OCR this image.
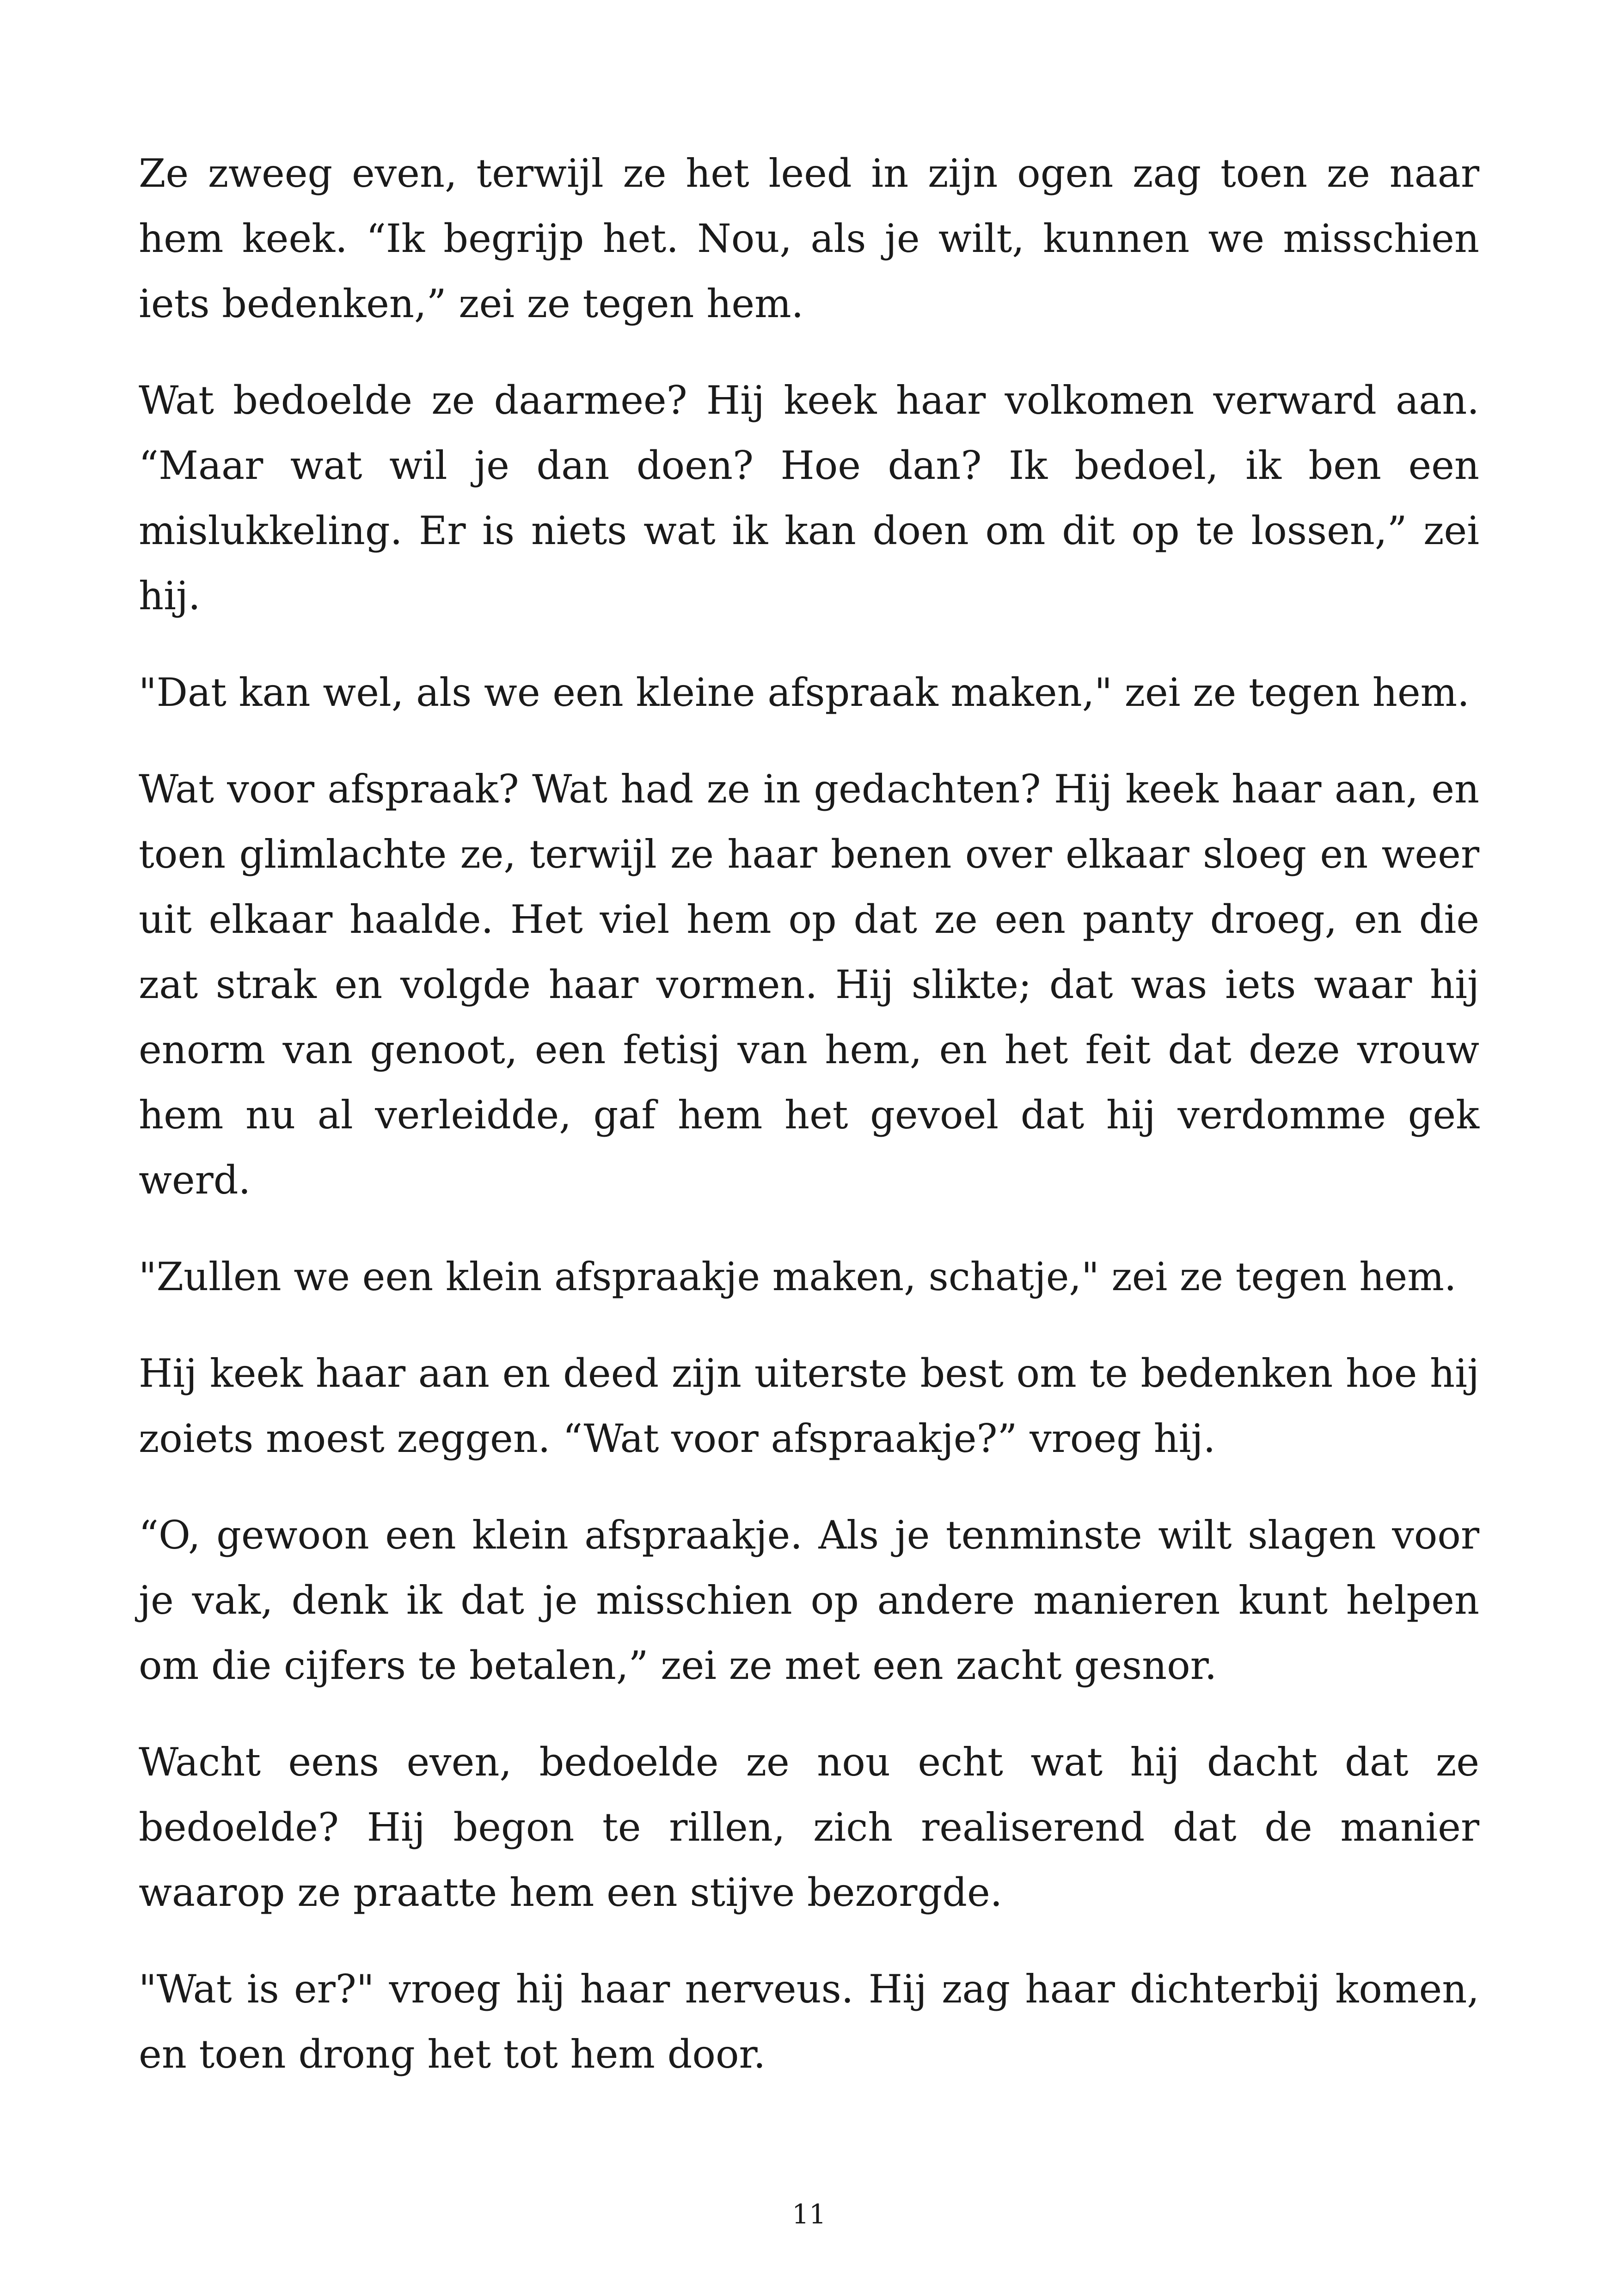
Ze zweeg even, terwijl ze het leed in zijn ogen zag toen ze naar hem keek. “Ik begrijp het. Nou, als je wilt, kunnen we misschien iets bedenken,” zei ze tegen hem.

Wat bedoelde ze daarmee? Hij keek haar volkomen verward aan. “Maar wat wil je dan doen? Hoe dan? Ik bedoel, ik ben een mislukkeling. Er is niets wat ik kan doen om dit op te lossen,” zei hij.

"Dat kan wel, als we een kleine afspraak maken," zei ze tegen hem.

Wat voor afspraak? Wat had ze in gedachten? Hij keek haar aan, en toen glimlachte ze, terwijl ze haar benen over elkaar sloeg en weer uit elkaar haalde. Het viel hem op dat ze een panty droeg, en die zat strak en volgde haar vormen. Hij slikte; dat was iets waar hij enorm van genoot, een fetisj van hem, en het feit dat deze vrouw hem nu al verleidde, gaf hem het gevoel dat hij verdomme gek werd.

"Zullen we een klein afspraakje maken, schatje," zei ze tegen hem.

Hij keek haar aan en deed zijn uiterste best om te bedenken hoe hij zoiets moest zeggen. “Wat voor afspraakje?” vroeg hij.

“O, gewoon een klein afspraakje. Als je tenminste wilt slagen voor je vak, denk ik dat je misschien op andere manieren kunt helpen om die cijfers te betalen,” zei ze met een zacht gesnor.

Wacht eens even, bedoelde ze nou echt wat hij dacht dat ze bedoelde? Hij begon te rillen, zich realiserend dat de manier waarop ze praatte hem een stijve bezorgde.

"Wat is er?" vroeg hij haar nerveus. Hij zag haar dichterbij komen, en toen drong het tot hem door.

11
